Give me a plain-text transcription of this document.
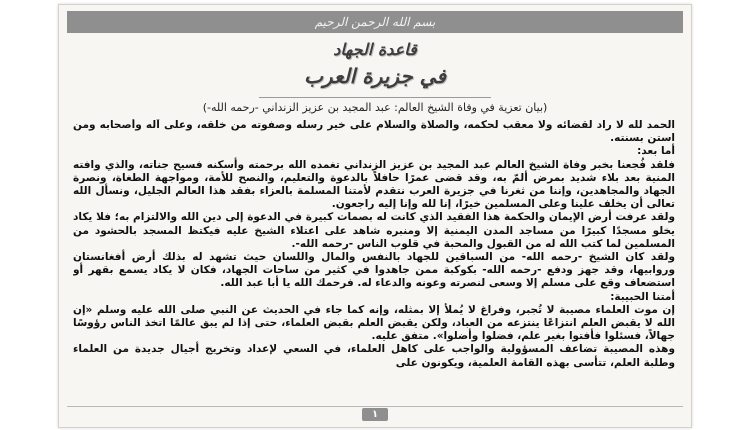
بسم الله الرحمن الرحيم
قاعدة الجهاد
في جزيرة العرب
(بيان تعزية في وفاة الشيخ العالم: عبد المجيد بن عزيز الزنداني -رحمه الله-)

الحمد لله لا راد لقضائه ولا معقب لحكمه، والصلاة والسلام على خير رسله وصفوته من خلقه، وعلى آله وأصحابه ومن استن بسنته.

أما بعد:

فلقد فُجعنا بخبر وفاة الشيخ العالم عبد المجيد بن عزيز الزنداني تغمده الله برحمته وأسكنه فسيح جناته، والذي وافته المنية بعد بلاء شديد بمرض ألمّ به، وقد قضى عمرًا حافلاً بالدعوة والتعليم، والنصح للأمة، ومواجهة الطغاة، ونصرة الجهاد والمجاهدين، وإننا من ثغرنا في جزيرة العرب نتقدم لأمتنا المسلمة بالعزاء بفقد هذا العالم الجليل، ونسأل الله تعالى أن يخلف علينا وعلى المسلمين خيرًا، إنا لله وإنا إليه راجعون.

ولقد عرفت أرض الإيمان والحكمة هذا الفقيد الذي كانت له بصمات كبيرة في الدعوة إلى دين الله والالتزام به؛ فلا يكاد يخلو مسجدًا كبيرًا من مساجد المدن اليمنية إلا ومنبره شاهد على اعتلاء الشيخ عليه فيكتظ المسجد بالحشود من المسلمين لما كتب الله له من القبول والمحبة في قلوب الناس -رحمه الله-.

ولقد كان الشيخ -رحمه الله- من السباقين للجهاد بالنفس والمال واللسان حيث تشهد له بذلك أرض أفغانستان وروابيها، وقد جهز ودفع -رحمه الله- بكوكبة ممن جاهدوا في كثير من ساحات الجهاد، فكان لا يكاد يسمع بقهر أو استضعاف وقع على مسلم إلا وسعى لنصرته وعونه والدعاء له. فرحمك الله يا أبا عبد الله.

أمتنا الحبيبة:

إن موت العلماء مصيبة لا تُجبر، وفراغ لا يُملأ إلا بمثله، وإنه كما جاء في الحديث عن النبي صلى الله عليه وسلم «إن الله لا يقبض العلم انتزاعًا ينتزعه من العباد، ولكن يقبض العلم بقبض العلماء، حتى إذا لم يبق عالمًا اتخذ الناس رؤوسًا جهالاً، فسئلوا فأفتوا بغير علم، فضلوا وأضلوا». متفق عليه.

وهذه المصيبة تضاعف المسؤولية والواجب على كاهل العلماء، في السعي لإعداد وتخريج أجيال جديدة من العلماء وطلبة العلم، تتأسى بهذه القامة العلمية، ويكونون على

١
